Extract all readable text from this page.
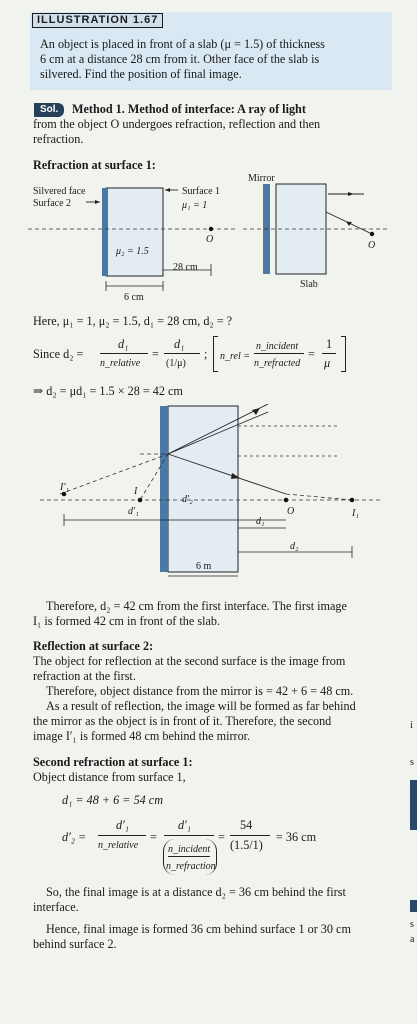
ILLUSTRATION 1.67
An object is placed in front of a slab (μ = 1.5) of thickness
6 cm at a distance 28 cm from it. Other face of the slab is
silvered. Find the position of final image.
Sol.	Method 1. Method of interface: A ray of light
from the object O undergoes refraction, reflection and then
refraction.
Refraction at surface 1:
Silvered face
Surface 2
Surface 1
μ₁ = 1
μ₂ = 1.5
28 cm
6 cm
O
Mirror
Slab
O
Here, μ₁ = 1, μ₂ = 1.5, d₁ = 28 cm, d₂ = ?
Since d₂ =
d₁
n_relative
=
d₁
(1/μ)
; n_rel =
n_incident
n_refracted
=
1
μ
⇒ d₂ = μd₁ = 1.5 × 28 = 42 cm
I′₁	I
d′₂
d′₁	O	I₁
d₁
d₂
6 m
Therefore, d₂ = 42 cm from the first interface. The first image
I₁ is formed 42 cm in front of the slab.
Reflection at surface 2:
The object for reflection at the second surface is the image from
refraction at the first.
Therefore, object distance from the mirror is = 42 + 6 = 48 cm.
As a result of reflection, the image will be formed as far behind
the mirror as the object is in front of it. Therefore, the second
image I′₁ is formed 48 cm behind the mirror.
Second refraction at surface 1:
Object distance from surface 1,
d₁ = 48 + 6 = 54 cm
d′₂ =
d′₁
n_relative
=
d′₁
n_incident
n_refraction
=
54
(1.5/1)
= 36 cm
So, the final image is at a distance d₂ = 36 cm behind the first
interface.
Hence, final image is formed 36 cm behind surface 1 or 30 cm
behind surface 2.
s
i
s
a
